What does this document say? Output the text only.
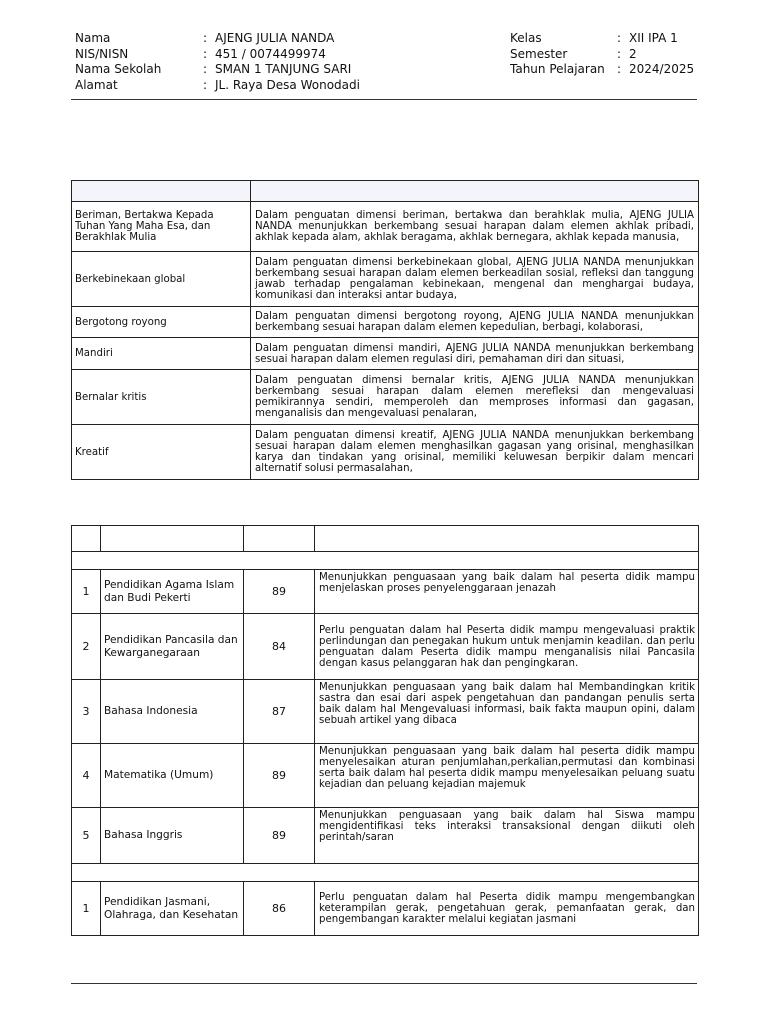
Nama	: AJENG JULIA NANDA
NIS/NISN	: 451 / 0074499974
Nama Sekolah	: SMAN 1 TANJUNG SARI
Alamat	: JL. Raya Desa Wonodadi
Kelas	: XII IPA 1
Semester	: 2
Tahun Pelajaran : 2024/2025

Beriman, Bertakwa Kepada Tuhan Yang Maha Esa, dan Berakhlak Mulia	Dalam penguatan dimensi beriman, bertakwa dan berahklak mulia, AJENG JULIA NANDA menunjukkan berkembang sesuai harapan dalam elemen akhlak pribadi, akhlak kepada alam, akhlak beragama, akhlak bernegara, akhlak kepada manusia,
Berkebinekaan global	Dalam penguatan dimensi berkebinekaan global, AJENG JULIA NANDA menunjukkan berkembang sesuai harapan dalam elemen berkeadilan sosial, refleksi dan tanggung jawab terhadap pengalaman kebinekaan, mengenal dan menghargai budaya, komunikasi dan interaksi antar budaya,
Bergotong royong	Dalam penguatan dimensi bergotong royong, AJENG JULIA NANDA menunjukkan berkembang sesuai harapan dalam elemen kepedulian, berbagi, kolaborasi,
Mandiri	Dalam penguatan dimensi mandiri, AJENG JULIA NANDA menunjukkan berkembang sesuai harapan dalam elemen regulasi diri, pemahaman diri dan situasi,
Bernalar kritis	Dalam penguatan dimensi bernalar kritis, AJENG JULIA NANDA menunjukkan berkembang sesuai harapan dalam elemen merefleksi dan mengevaluasi pemikirannya sendiri, memperoleh dan memproses informasi dan gagasan, menganalisis dan mengevaluasi penalaran,
Kreatif	Dalam penguatan dimensi kreatif, AJENG JULIA NANDA menunjukkan berkembang sesuai harapan dalam elemen menghasilkan gagasan yang orisinal, menghasilkan karya dan tindakan yang orisinal, memiliki keluwesan berpikir dalam mencari alternatif solusi permasalahan,

1	Pendidikan Agama Islam dan Budi Pekerti	89	Menunjukkan penguasaan yang baik dalam hal peserta didik mampu menjelaskan proses penyelenggaraan jenazah
2	Pendidikan Pancasila dan Kewarganegaraan	84	Perlu penguatan dalam hal Peserta didik mampu mengevaluasi praktik perlindungan dan penegakan hukum untuk menjamin keadilan. dan perlu penguatan dalam Peserta didik mampu menganalisis nilai Pancasila dengan kasus pelanggaran hak dan pengingkaran.
3	Bahasa Indonesia	87	Menunjukkan penguasaan yang baik dalam hal Membandingkan kritik sastra dan esai dari aspek pengetahuan dan pandangan penulis serta baik dalam hal Mengevaluasi informasi, baik fakta maupun opini, dalam sebuah artikel yang dibaca
4	Matematika (Umum)	89	Menunjukkan penguasaan yang baik dalam hal peserta didik mampu menyelesaikan aturan penjumlahan,perkalian,permutasi dan kombinasi serta baik dalam hal peserta didik mampu menyelesaikan peluang suatu kejadian dan peluang kejadian majemuk
5	Bahasa Inggris	89	Menunjukkan penguasaan yang baik dalam hal Siswa mampu mengidentifikasi teks interaksi transaksional dengan diikuti oleh perintah/saran

1	Pendidikan Jasmani, Olahraga, dan Kesehatan	86	Perlu penguatan dalam hal Peserta didik mampu mengembangkan keterampilan gerak, pengetahuan gerak, pemanfaatan gerak, dan pengembangan karakter melalui kegiatan jasmani
